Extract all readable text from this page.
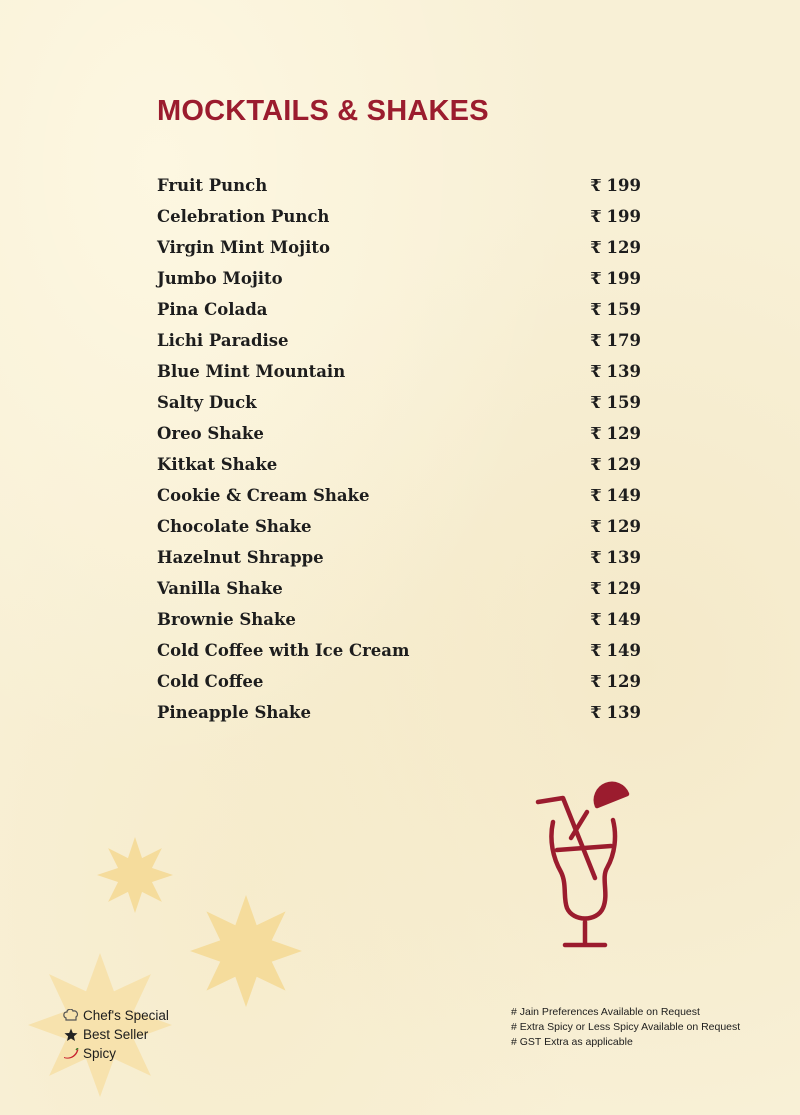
MOCKTAILS & SHAKES
Fruit Punch	₹ 199
Celebration Punch	₹ 199
Virgin Mint Mojito	₹ 129
Jumbo Mojito	₹ 199
Pina Colada	₹ 159
Lichi Paradise	₹ 179
Blue Mint Mountain	₹ 139
Salty Duck	₹ 159
Oreo Shake	₹ 129
Kitkat Shake	₹ 129
Cookie & Cream Shake	₹ 149
Chocolate Shake	₹ 129
Hazelnut Shrappe	₹ 139
Vanilla Shake	₹ 129
Brownie Shake	₹ 149
Cold Coffee with Ice Cream	₹ 149
Cold Coffee	₹ 129
Pineapple Shake	₹ 139
Chef's Special
Best Seller
Spicy
# Jain Preferences Available on Request
# Extra Spicy or Less Spicy Available on Request
# GST Extra as applicable
